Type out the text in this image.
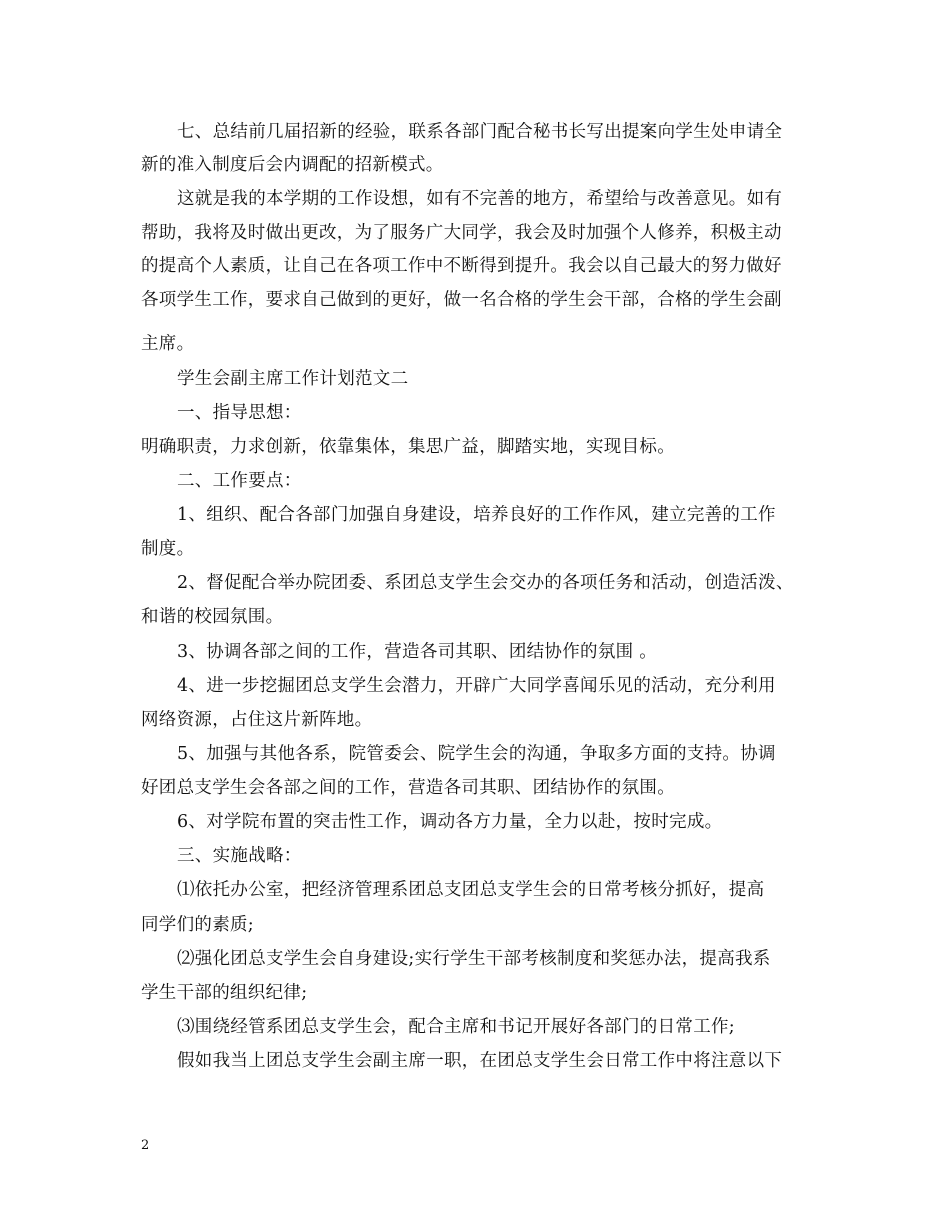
七、总结前几届招新的经验，联系各部门配合秘书长写出提案向学生处申请全
新的准入制度后会内调配的招新模式。
这就是我的本学期的工作设想，如有不完善的地方，希望给与改善意见。如有
帮助，我将及时做出更改，为了服务广大同学，我会及时加强个人修养，积极主动
的提高个人素质，让自己在各项工作中不断得到提升。我会以自己最大的努力做好
各项学生工作，要求自己做到的更好，做一名合格的学生会干部，合格的学生会副
主席。
学生会副主席工作计划范文二
一、指导思想：
明确职责，力求创新，依靠集体，集思广益，脚踏实地，实现目标。
二、工作要点：
1、组织、配合各部门加强自身建设，培养良好的工作作风，建立完善的工作
制度。
2、督促配合举办院团委、系团总支学生会交办的各项任务和活动，创造活泼、
和谐的校园氛围。
3、协调各部之间的工作，营造各司其职、团结协作的氛围 。
4、进一步挖掘团总支学生会潜力，开辟广大同学喜闻乐见的活动，充分利用
网络资源，占住这片新阵地。
5、加强与其他各系，院管委会、院学生会的沟通，争取多方面的支持。协调
好团总支学生会各部之间的工作，营造各司其职、团结协作的氛围。
6、对学院布置的突击性工作，调动各方力量，全力以赴，按时完成。
三、实施战略：
⑴依托办公室，把经济管理系团总支团总支学生会的日常考核分抓好，提高
同学们的素质;
⑵强化团总支学生会自身建设;实行学生干部考核制度和奖惩办法，提高我系
学生干部的组织纪律;
⑶围绕经管系团总支学生会，配合主席和书记开展好各部门的日常工作;
假如我当上团总支学生会副主席一职，在团总支学生会日常工作中将注意以下
2
